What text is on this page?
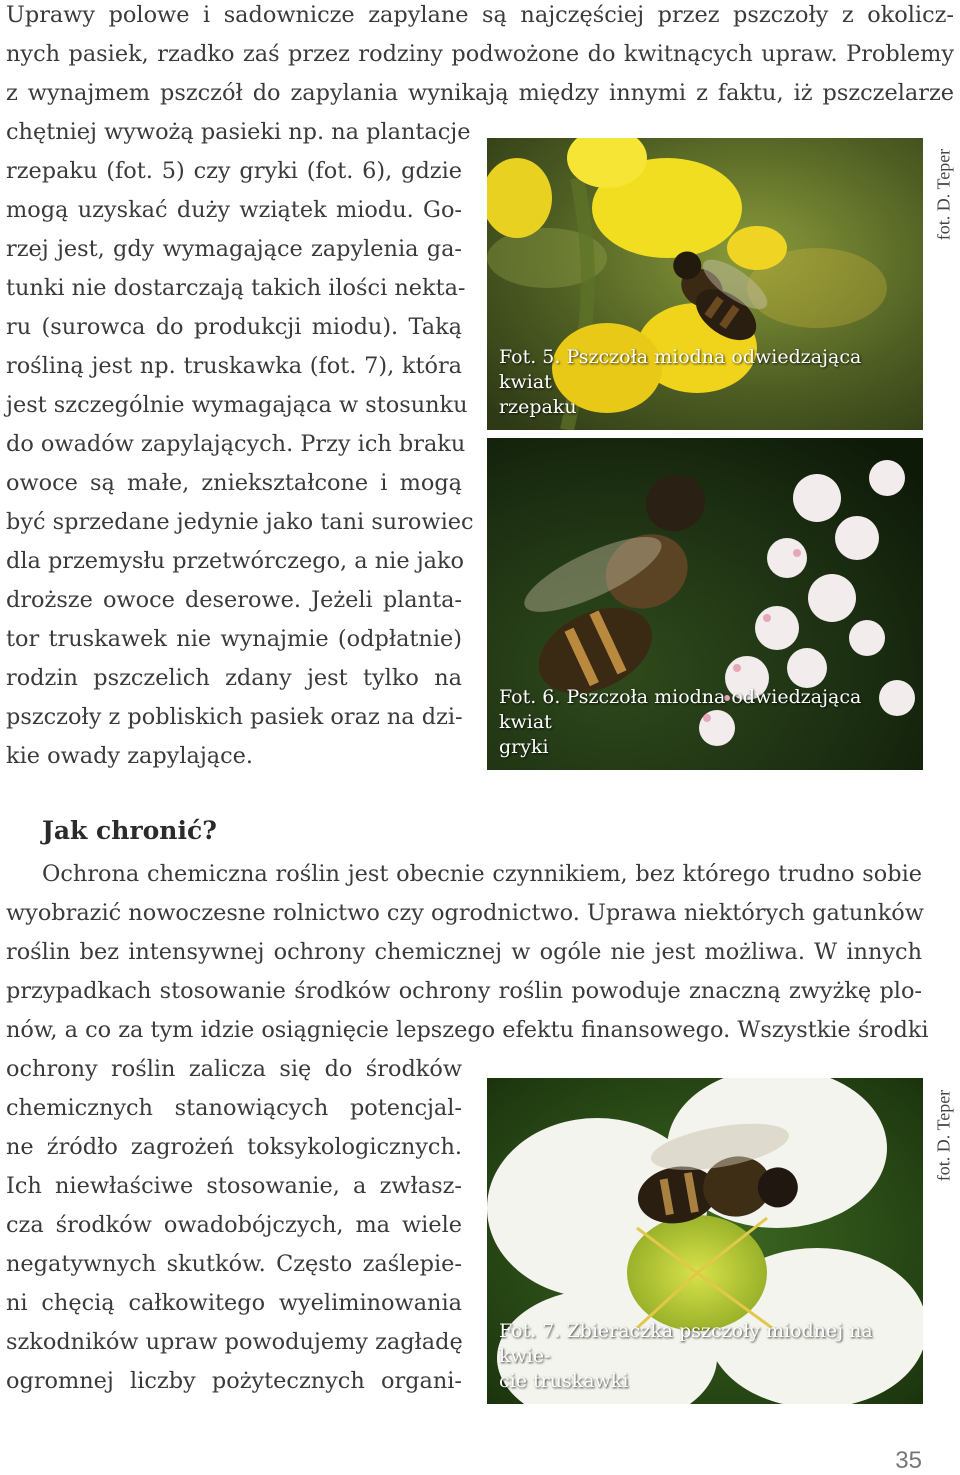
Uprawy polowe i sadownicze zapylane są najczęściej przez pszczoły z okolicz-

nych pasiek, rzadko zaś przez rodziny podwożone do kwitnących upraw. Problemy

z wynajmem pszczół do zapylania wynikają między innymi z faktu, iż pszczelarze

chętniej wywożą pasieki np. na plantacje

rzepaku (fot. 5) czy gryki (fot. 6), gdzie

mogą uzyskać duży wziątek miodu. Go-

rzej jest, gdy wymagające zapylenia ga-

tunki nie dostarczają takich ilości nekta-

ru (surowca do produkcji miodu). Taką

rośliną jest np. truskawka (fot. 7), która

jest szczególnie wymagająca w stosunku

do owadów zapylających. Przy ich braku

owoce są małe, zniekształcone i mogą

być sprzedane jedynie jako tani surowiec

dla przemysłu przetwórczego, a nie jako

droższe owoce deserowe. Jeżeli planta-

tor truskawek nie wynajmie (odpłatnie)

rodzin pszczelich zdany jest tylko na

pszczoły z pobliskich pasiek oraz na dzi-

kie owady zapylające.

Fot. 5. Pszczoła miodna odwiedzająca kwiat
rzepaku
Fot. 6. Pszczoła miodna odwiedzająca kwiat
gryki
fot. D. Teper
Jak chronić?

Ochrona chemiczna roślin jest obecnie czynnikiem, bez którego trudno sobie

wyobrazić nowoczesne rolnictwo czy ogrodnictwo. Uprawa niektórych gatunków

roślin bez intensywnej ochrony chemicznej w ogóle nie jest możliwa. W innych

przypadkach stosowanie środków ochrony roślin powoduje znaczną zwyżkę plo-

nów, a co za tym idzie osiągnięcie lepszego efektu finansowego. Wszystkie środki

ochrony roślin zalicza się do środków

chemicznych stanowiących potencjal-

ne źródło zagrożeń toksykologicznych.

Ich niewłaściwe stosowanie, a zwłasz-

cza środków owadobójczych, ma wiele

negatywnych skutków. Często zaślepie-

ni chęcią całkowitego wyeliminowania

szkodników upraw powodujemy zagładę

ogromnej liczby pożytecznych organi-

Fot. 7. Zbieraczka pszczoły miodnej na kwie-
cie truskawki
fot. D. Teper
35
